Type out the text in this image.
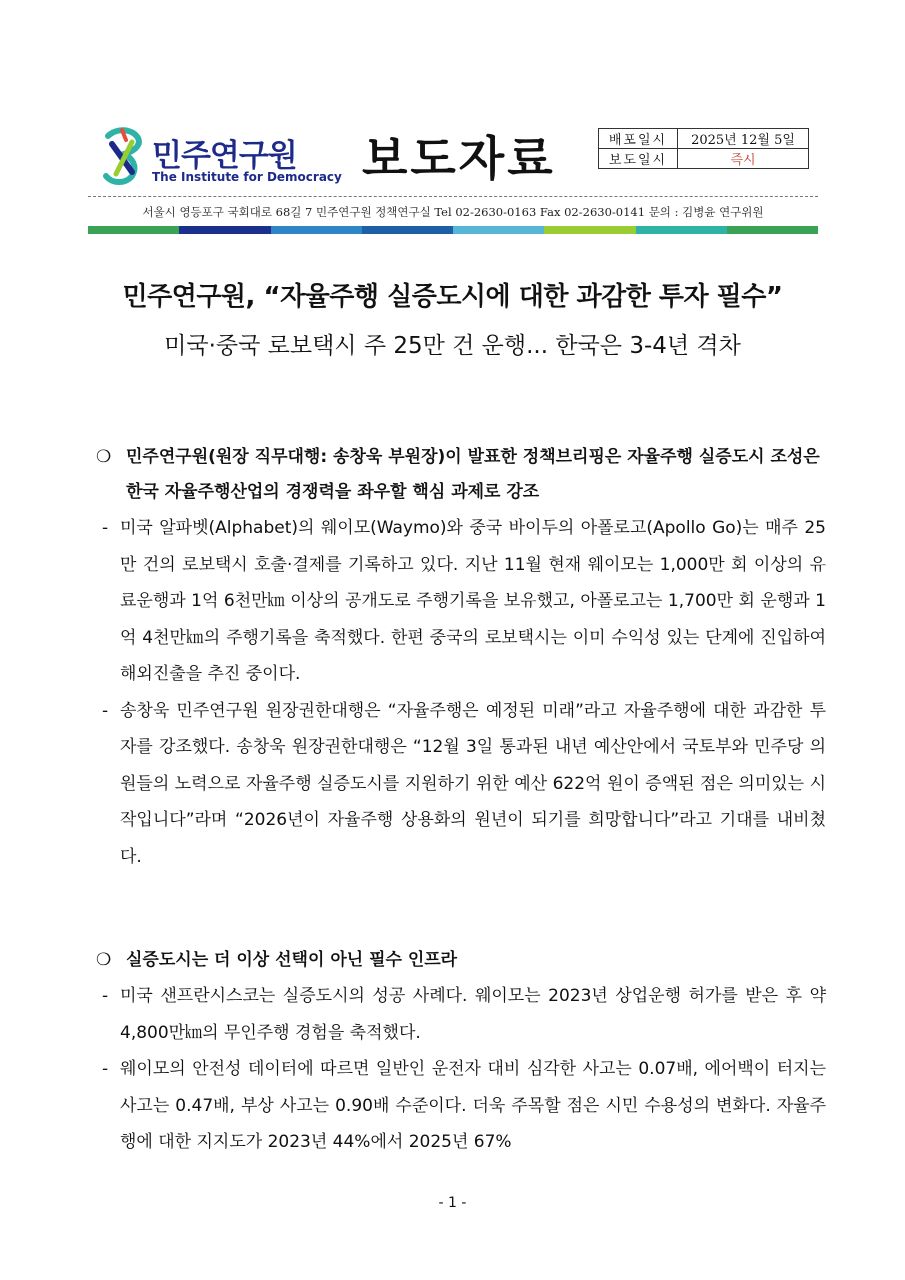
민주연구원
The Institute for Democracy 보도자료	배포일시	2025년 12월 5일
보도일시	즉시
서울시 영등포구 국회대로 68길 7 민주연구원 정책연구실 Tel 02-2630-0163 Fax 02-2630-0141 문의 : 김병윤 연구위원
민주연구원, “자율주행 실증도시에 대한 과감한 투자 필수”
미국·중국 로보택시 주 25만 건 운행... 한국은 3-4년 격차
❍ 민주연구원(원장 직무대행: 송창욱 부원장)이 발표한 정책브리핑은 자율주행 실증도시 조성은 한국 자율주행산업의 경쟁력을 좌우할 핵심 과제로 강조
- 미국 알파벳(Alphabet)의 웨이모(Waymo)와 중국 바이두의 아폴로고(Apollo Go)는 매주 25만 건의 로보택시 호출·결제를 기록하고 있다. 지난 11월 현재 웨이모는 1,000만 회 이상의 유료운행과 1억 6천만㎞ 이상의 공개도로 주행기록을 보유했고, 아폴로고는 1,700만 회 운행과 1억 4천만㎞의 주행기록을 축적했다. 한편 중국의 로보택시는 이미 수익성 있는 단계에 진입하여 해외진출을 추진 중이다.
- 송창욱 민주연구원 원장권한대행은 “자율주행은 예정된 미래”라고 자율주행에 대한 과감한 투자를 강조했다. 송창욱 원장권한대행은 “12월 3일 통과된 내년 예산안에서 국토부와 민주당 의원들의 노력으로 자율주행 실증도시를 지원하기 위한 예산 622억 원이 증액된 점은 의미있는 시작입니다”라며 “2026년이 자율주행 상용화의 원년이 되기를 희망합니다”라고 기대를 내비쳤다.
❍ 실증도시는 더 이상 선택이 아닌 필수 인프라
- 미국 샌프란시스코는 실증도시의 성공 사례다. 웨이모는 2023년 상업운행 허가를 받은 후 약 4,800만㎞의 무인주행 경험을 축적했다.
- 웨이모의 안전성 데이터에 따르면 일반인 운전자 대비 심각한 사고는 0.07배, 에어백이 터지는 사고는 0.47배, 부상 사고는 0.90배 수준이다. 더욱 주목할 점은 시민 수용성의 변화다. 자율주행에 대한 지지도가 2023년 44%에서 2025년 67%
- 1 -
